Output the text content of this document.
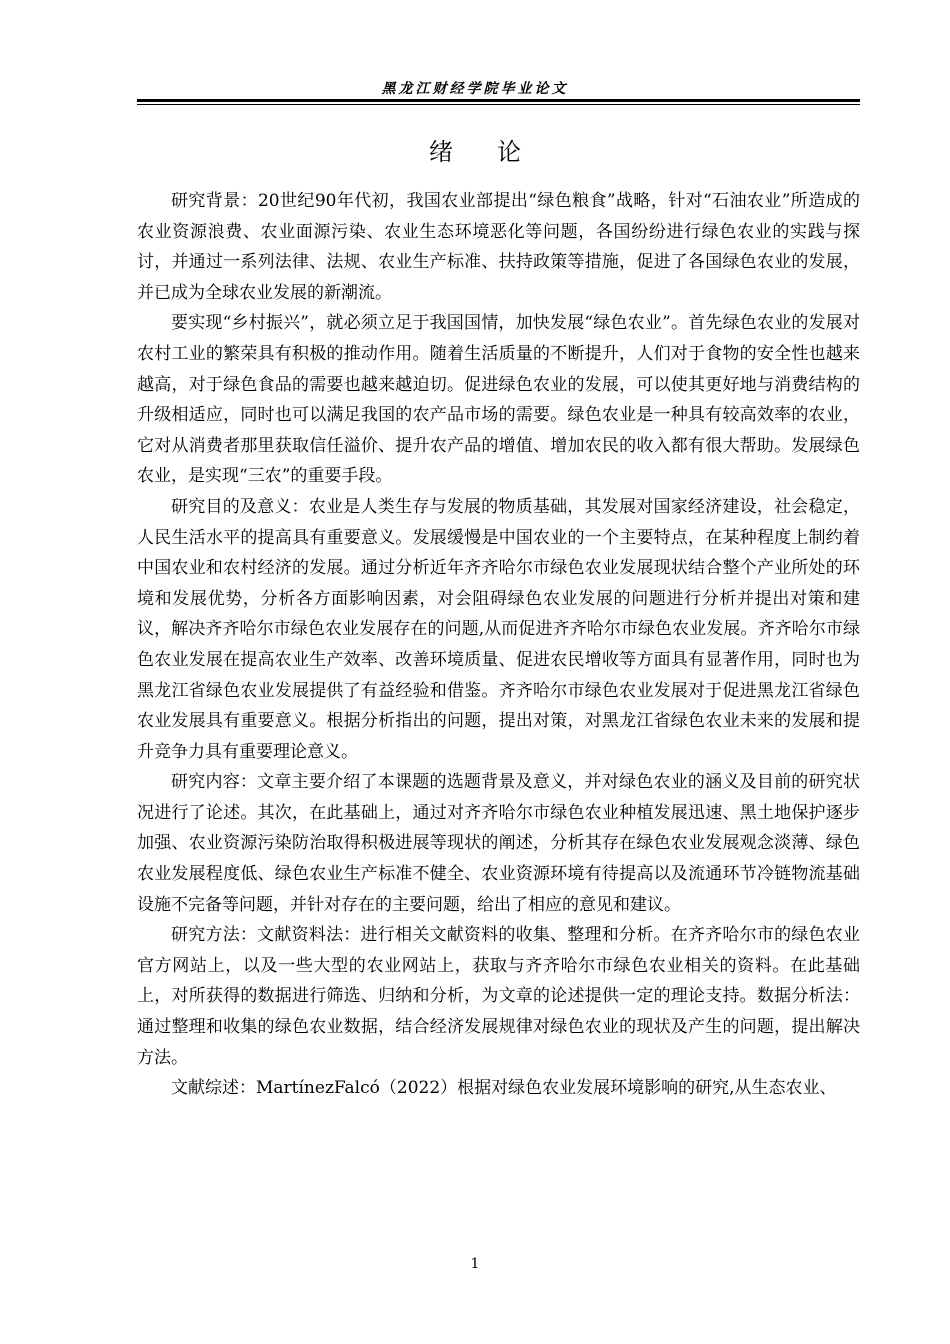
黑龙江财经学院毕业论文
绪论

研究背景：20世纪90年代初，我国农业部提出“绿色粮食”战略，针对“石油农业”所造成的农业资源浪费、农业面源污染、农业生态环境恶化等问题，各国纷纷进行绿色农业的实践与探讨，并通过一系列法律、法规、农业生产标准、扶持政策等措施，促进了各国绿色农业的发展，并已成为全球农业发展的新潮流。

要实现“乡村振兴”，就必须立足于我国国情，加快发展“绿色农业”。首先绿色农业的发展对农村工业的繁荣具有积极的推动作用。随着生活质量的不断提升，人们对于食物的安全性也越来越高，对于绿色食品的需要也越来越迫切。促进绿色农业的发展，可以使其更好地与消费结构的升级相适应，同时也可以满足我国的农产品市场的需要。绿色农业是一种具有较高效率的农业，它对从消费者那里获取信任溢价、提升农产品的增值、增加农民的收入都有很大帮助。发展绿色农业，是实现“三农”的重要手段。

研究目的及意义：农业是人类生存与发展的物质基础，其发展对国家经济建设，社会稳定，人民生活水平的提高具有重要意义。发展缓慢是中国农业的一个主要特点，在某种程度上制约着中国农业和农村经济的发展。通过分析近年齐齐哈尔市绿色农业发展现状结合整个产业所处的环境和发展优势，分析各方面影响因素，对会阻碍绿色农业发展的问题进行分析并提出对策和建议，解决齐齐哈尔市绿色农业发展存在的问题,从而促进齐齐哈尔市绿色农业发展。齐齐哈尔市绿色农业发展在提高农业生产效率、改善环境质量、促进农民增收等方面具有显著作用，同时也为黑龙江省绿色农业发展提供了有益经验和借鉴。齐齐哈尔市绿色农业发展对于促进黑龙江省绿色农业发展具有重要意义。根据分析指出的问题，提出对策，对黑龙江省绿色农业未来的发展和提升竞争力具有重要理论意义。

研究内容：文章主要介绍了本课题的选题背景及意义，并对绿色农业的涵义及目前的研究状况进行了论述。其次，在此基础上，通过对齐齐哈尔市绿色农业种植发展迅速、黑土地保护逐步加强、农业资源污染防治取得积极进展等现状的阐述，分析其存在绿色农业发展观念淡薄、绿色农业发展程度低、绿色农业生产标准不健全、农业资源环境有待提高以及流通环节冷链物流基础设施不完备等问题，并针对存在的主要问题，给出了相应的意见和建议。

研究方法：文献资料法：进行相关文献资料的收集、整理和分析。在齐齐哈尔市的绿色农业官方网站上，以及一些大型的农业网站上，获取与齐齐哈尔市绿色农业相关的资料。在此基础上，对所获得的数据进行筛选、归纳和分析，为文章的论述提供一定的理论支持。数据分析法：通过整理和收集的绿色农业数据，结合经济发展规律对绿色农业的现状及产生的问题，提出解决方法。

文献综述：MartínezFalcó（2022）根据对绿色农业发展环境影响的研究,从生态农业、

1
